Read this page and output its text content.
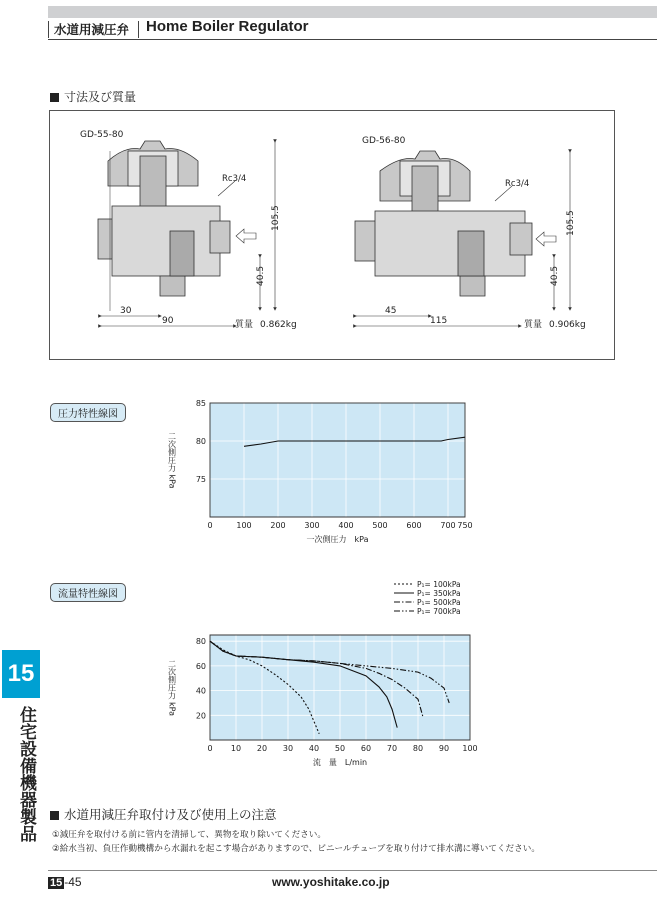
水道用減圧弁 Home Boiler Regulator
寸法及び質量
GD-55-80
Rc3/4
105.5
40.5
30
90	質量 0.862kg
GD-56-80
Rc3/4
105.5
40.5
45
115	質量 0.906kg
圧力特性線図
0	100 200 300 400 500 600 700 750
75
80
85
一次側圧力　kPa
二次側圧力 kPa
流量特性線図
0 10 20 30 40 50 60 70 80 90 100
20
40
60
80
流　量　L/min
二次側圧力 kPa
P₁= 100kPa
P₁= 350kPa
P₁= 500kPa
P₁= 700kPa
15
住宅設備機器製品	水道用減圧弁取付け及び使用上の注意
①減圧弁を取付ける前に管内を清掃して、異物を取り除いてください。
②給水当初、負圧作動機構から水漏れを起こす場合がありますので、ビニールチューブを取り付けて排水溝に導いてください。
15 -45	www.yoshitake.co.jp
